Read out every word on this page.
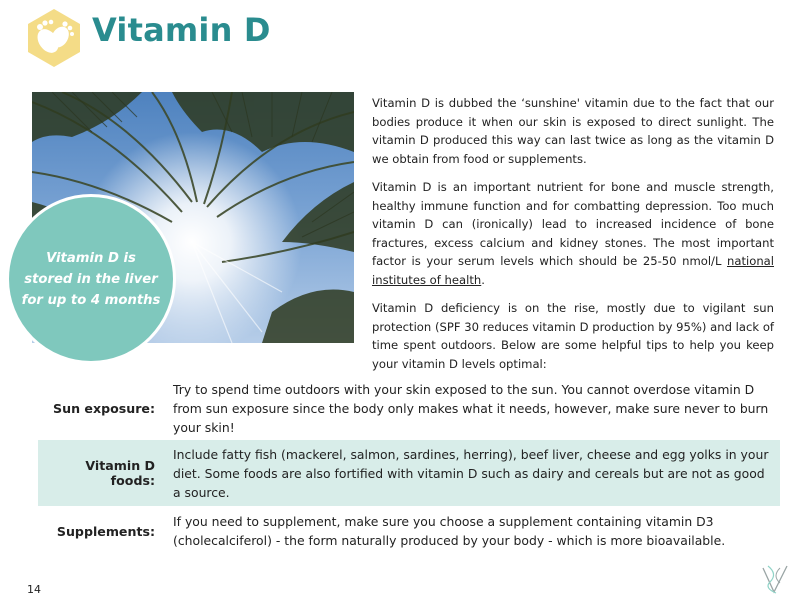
Vitamin D
Vitamin D is stored in the liver for up to 4 months

Vitamin D is dubbed the ‘sunshine' vitamin due to the fact that our bodies produce it when our skin is exposed to direct sunlight. The vitamin D produced this way can last twice as long as the vitamin D we obtain from food or supplements.

Vitamin D is an important nutrient for bone and muscle strength, healthy immune function and for combatting depression. Too much vitamin D can (ironically) lead to increased incidence of bone fractures, excess calcium and kidney stones. The most important factor is your serum levels which should be 25-50 nmol/L national institutes of health.

Vitamin D deficiency is on the rise, mostly due to vigilant sun protection (SPF 30 reduces vitamin D production by 95%) and lack of time spent outdoors. Below are some helpful tips to help you keep your vitamin D levels optimal:

Sun exposure:
Try to spend time outdoors with your skin exposed to the sun. You cannot overdose vitamin D from sun exposure since the body only makes what it needs, however, make sure never to burn your skin!
Vitamin D foods:
Include fatty fish (mackerel, salmon, sardines, herring), beef liver, cheese and egg yolks in your diet. Some foods are also fortified with vitamin D such as dairy and cereals but are not as good a source.
Supplements:
If you need to supplement, make sure you choose a supplement containing vitamin D3 (cholecalciferol) - the form naturally produced by your body - which is more bioavailable.
14
